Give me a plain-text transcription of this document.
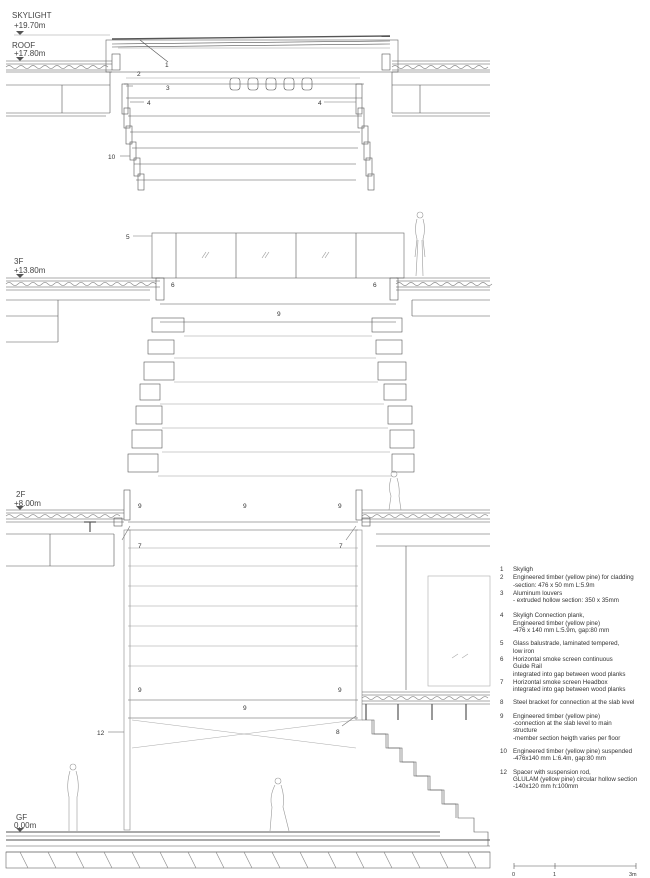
SKYLIGHT
+19.70m
ROOF
+17.80m
3F
+13.80m
2F
+8.00m
GF
0.00m
1
2
3
4	4
10
5
6	6
9
9	9	9
7	7
9
9
9
12	8
0	1	3m
1	Skyligh
2	Engineered timber (yellow pine) for cladding
-section: 476 x 50 mm L:5.9m
3	Aluminum louvers
- extruded hollow section: 350 x 35mm
4	Skyligh Connection plank,
Engineered timber (yellow pine)
-476 x 140 mm L:5.9m, gap:80 mm
5	Glass balustrade, laminated tempered,
low iron
6	Horizontal smoke screen continuous
Guide Rail
integrated into gap between wood planks
7	Horizontal smoke screen Headbox
integrated into gap between wood planks
8	Steel bracket for connection at the slab level
9	Engineered timber (yellow pine)
-connection at the slab level to main
structure
-member section heigth varies per floor
10 Engineered timber (yellow pine) suspended
-476x140 mm L:6.4m, gap:80 mm
12 Spacer with suspension rod,
GLULAM (yellow pine) circular hollow section
-140x120 mm h:100mm
